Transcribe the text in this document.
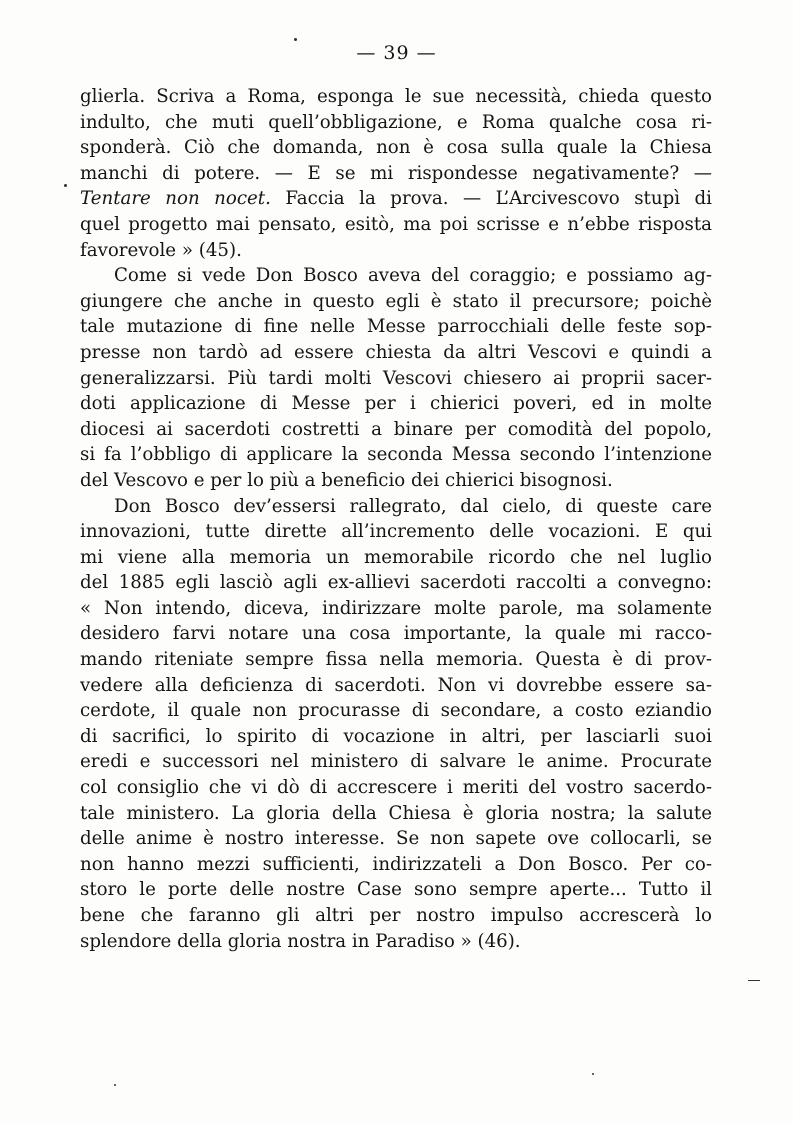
— 39 —
glierla. Scriva a Roma, esponga le sue necessità, chieda questo
indulto, che muti quell’obbligazione, e Roma qualche cosa ri-
sponderà. Ciò che domanda, non è cosa sulla quale la Chiesa
manchi di potere. — E se mi rispondesse negativamente? —
Tentare non nocet. Faccia la prova. — L’Arcivescovo stupì di
quel progetto mai pensato, esitò, ma poi scrisse e n’ebbe risposta
favorevole » (45).
Come si vede Don Bosco aveva del coraggio; e possiamo ag-
giungere che anche in questo egli è stato il precursore; poichè
tale mutazione di fine nelle Messe parrocchiali delle feste sop-
presse non tardò ad essere chiesta da altri Vescovi e quindi a
generalizzarsi. Più tardi molti Vescovi chiesero ai proprii sacer-
doti applicazione di Messe per i chierici poveri, ed in molte
diocesi ai sacerdoti costretti a binare per comodità del popolo,
si fa l’obbligo di applicare la seconda Messa secondo l’intenzione
del Vescovo e per lo più a beneficio dei chierici bisognosi.
Don Bosco dev’essersi rallegrato, dal cielo, di queste care
innovazioni, tutte dirette all’incremento delle vocazioni. E qui
mi viene alla memoria un memorabile ricordo che nel luglio
del 1885 egli lasciò agli ex-allievi sacerdoti raccolti a convegno:
« Non intendo, diceva, indirizzare molte parole, ma solamente
desidero farvi notare una cosa importante, la quale mi racco-
mando riteniate sempre fissa nella memoria. Questa è di prov-
vedere alla deficienza di sacerdoti. Non vi dovrebbe essere sa-
cerdote, il quale non procurasse di secondare, a costo eziandio
di sacrifici, lo spirito di vocazione in altri, per lasciarli suoi
eredi e successori nel ministero di salvare le anime. Procurate
col consiglio che vi dò di accrescere i meriti del vostro sacerdo-
tale ministero. La gloria della Chiesa è gloria nostra; la salute
delle anime è nostro interesse. Se non sapete ove collocarli, se
non hanno mezzi sufficienti, indirizzateli a Don Bosco. Per co-
storo le porte delle nostre Case sono sempre aperte... Tutto il
bene che faranno gli altri per nostro impulso accrescerà lo
splendore della gloria nostra in Paradiso » (46).
